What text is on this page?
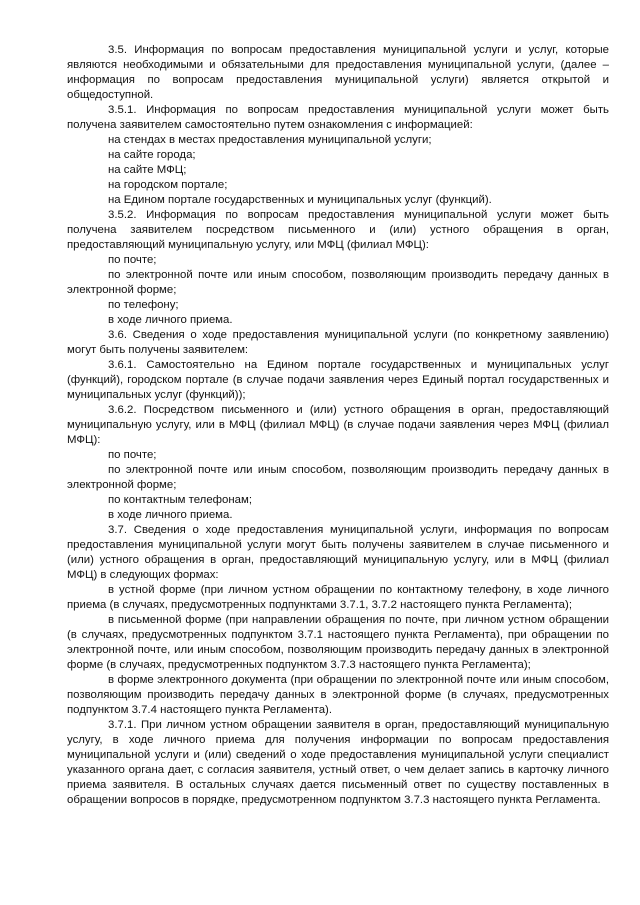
3.5. Информация по вопросам предоставления муниципальной услуги и услуг, которые являются необходимыми и обязательными для предоставления муниципальной услуги, (далее – информация по вопросам предоставления муниципальной услуги) является открытой и общедоступной.

3.5.1. Информация по вопросам предоставления муниципальной услуги может быть получена заявителем самостоятельно путем ознакомления с информацией:

на стендах в местах предоставления муниципальной услуги;

на сайте города;

на сайте МФЦ;

на городском портале;

на Едином портале государственных и муниципальных услуг (функций).

3.5.2. Информация по вопросам предоставления муниципальной услуги может быть получена заявителем посредством письменного и (или) устного обращения в орган, предоставляющий муниципальную услугу, или МФЦ (филиал МФЦ):

по почте;

по электронной почте или иным способом, позволяющим производить передачу данных в электронной форме;

по телефону;

в ходе личного приема.

3.6. Сведения о ходе предоставления муниципальной услуги (по конкретному заявлению) могут быть получены заявителем:

3.6.1. Самостоятельно на Едином портале государственных и муниципальных услуг (функций), городском портале (в случае подачи заявления через Единый портал государственных и муниципальных услуг (функций));

3.6.2. Посредством письменного и (или) устного обращения в орган, предоставляющий муниципальную услугу, или в МФЦ (филиал МФЦ) (в случае подачи заявления через МФЦ (филиал МФЦ):

по почте;

по электронной почте или иным способом, позволяющим производить передачу данных в электронной форме;

по контактным телефонам;

в ходе личного приема.

3.7. Сведения о ходе предоставления муниципальной услуги, информация по вопросам предоставления муниципальной услуги могут быть получены заявителем в случае письменного и (или) устного обращения в орган, предоставляющий муниципальную услугу, или в МФЦ (филиал МФЦ) в следующих формах:

в устной форме (при личном устном обращении по контактному телефону, в ходе личного приема (в случаях, предусмотренных подпунктами 3.7.1, 3.7.2 настоящего пункта Регламента);

в письменной форме (при направлении обращения по почте, при личном устном обращении (в случаях, предусмотренных подпунктом 3.7.1 настоящего пункта Регламента), при обращении по электронной почте, или иным способом, позволяющим производить передачу данных в электронной форме (в случаях, предусмотренных подпунктом 3.7.3 настоящего пункта Регламента);

в форме электронного документа (при обращении по электронной почте или иным способом, позволяющим производить передачу данных в электронной форме (в случаях, предусмотренных подпунктом 3.7.4 настоящего пункта Регламента).

3.7.1. При личном устном обращении заявителя в орган, предоставляющий муниципальную услугу, в ходе личного приема для получения информации по вопросам предоставления муниципальной услуги и (или) сведений о ходе предоставления муниципальной услуги специалист указанного органа дает, с согласия заявителя, устный ответ, о чем делает запись в карточку личного приема заявителя. В остальных случаях дается письменный ответ по существу поставленных в обращении вопросов в порядке, предусмотренном подпунктом 3.7.3 настоящего пункта Регламента.
